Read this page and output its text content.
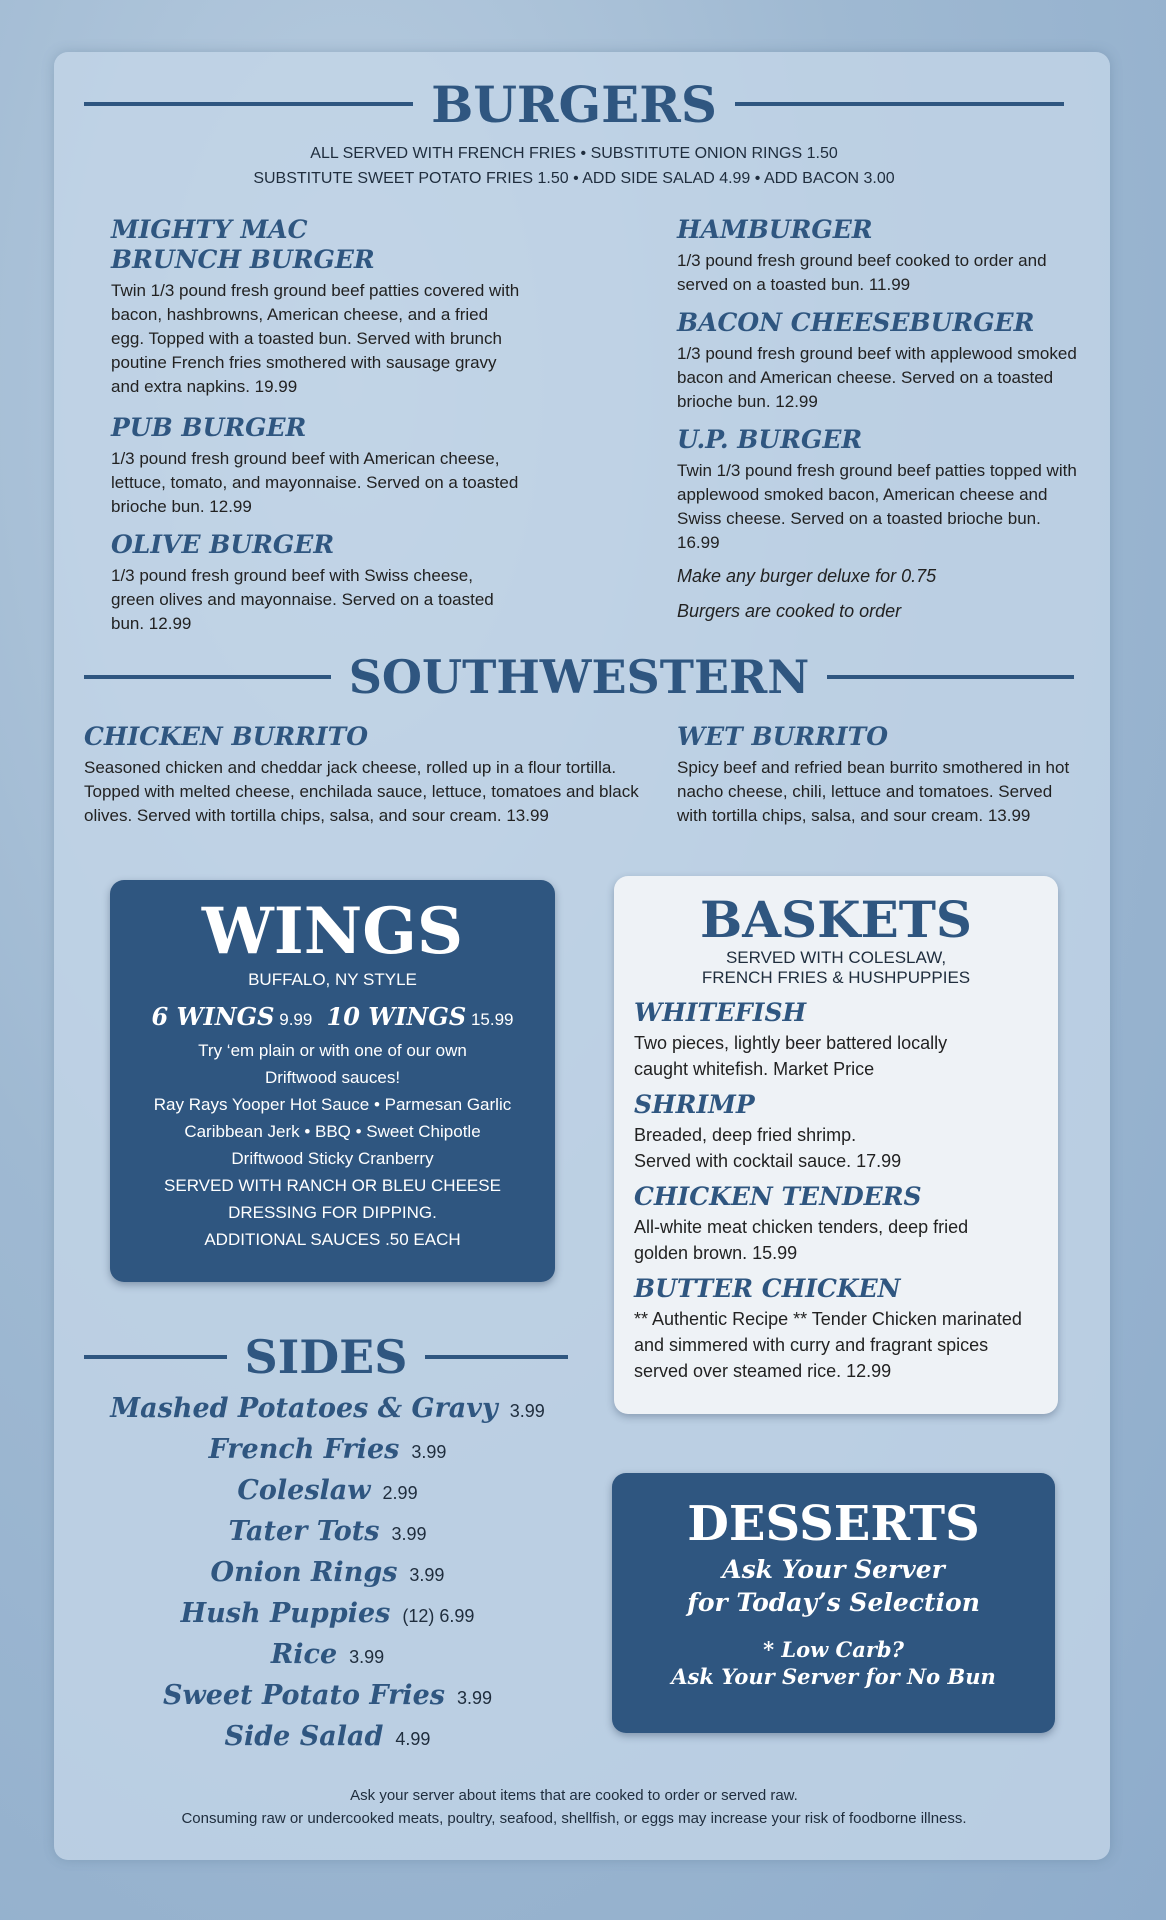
BURGERS
ALL SERVED WITH FRENCH FRIES • SUBSTITUTE ONION RINGS 1.50
SUBSTITUTE SWEET POTATO FRIES 1.50 • ADD SIDE SALAD 4.99 • ADD BACON 3.00
MIGHTY MAC
BRUNCH BURGER
Twin 1/3 pound fresh ground beef patties covered with bacon, hashbrowns, American cheese, and a fried egg. Topped with a toasted bun. Served with brunch poutine French fries smothered with sausage gravy and extra napkins. 19.99
PUB BURGER
1/3 pound fresh ground beef with American cheese, lettuce, tomato, and mayonnaise. Served on a toasted brioche bun. 12.99
OLIVE BURGER
1/3 pound fresh ground beef with Swiss cheese, green olives and mayonnaise. Served on a toasted bun. 12.99
HAMBURGER
1/3 pound fresh ground beef cooked to order and served on a toasted bun. 11.99
BACON CHEESEBURGER
1/3 pound fresh ground beef with applewood smoked bacon and American cheese. Served on a toasted brioche bun. 12.99
U.P. BURGER
Twin 1/3 pound fresh ground beef patties topped with applewood smoked bacon, American cheese and Swiss cheese. Served on a toasted brioche bun. 16.99
Make any burger deluxe for 0.75
Burgers are cooked to order
SOUTHWESTERN
CHICKEN BURRITO
Seasoned chicken and cheddar jack cheese, rolled up in a flour tortilla. Topped with melted cheese, enchilada sauce, lettuce, tomatoes and black olives. Served with tortilla chips, salsa, and sour cream. 13.99
WET BURRITO
Spicy beef and refried bean burrito smothered in hot nacho cheese, chili, lettuce and tomatoes. Served with tortilla chips, salsa, and sour cream. 13.99
WINGS
BUFFALO, NY STYLE
6 WINGS 9.99 10 WINGS 15.99
Try ‘em plain or with one of our own
Driftwood sauces!
Ray Rays Yooper Hot Sauce • Parmesan Garlic
Caribbean Jerk • BBQ • Sweet Chipotle
Driftwood Sticky Cranberry
SERVED WITH RANCH OR BLEU CHEESE
DRESSING FOR DIPPING.
ADDITIONAL SAUCES .50 EACH
BASKETS
SERVED WITH COLESLAW,
FRENCH FRIES & HUSHPUPPIES
WHITEFISH
Two pieces, lightly beer battered locally
caught whitefish. Market Price
SHRIMP
Breaded, deep fried shrimp.
Served with cocktail sauce. 17.99
CHICKEN TENDERS
All-white meat chicken tenders, deep fried
golden brown. 15.99
BUTTER CHICKEN
** Authentic Recipe ** Tender Chicken marinated
and simmered with curry and fragrant spices
served over steamed rice. 12.99
SIDES
Mashed Potatoes & Gravy 3.99
French Fries 3.99
Coleslaw 2.99
Tater Tots 3.99
Onion Rings 3.99
Hush Puppies (12) 6.99
Rice 3.99
Sweet Potato Fries 3.99
Side Salad 4.99
DESSERTS
Ask Your Server
for Today’s Selection
* Low Carb?
Ask Your Server for No Bun
Ask your server about items that are cooked to order or served raw.
Consuming raw or undercooked meats, poultry, seafood, shellfish, or eggs may increase your risk of foodborne illness.
